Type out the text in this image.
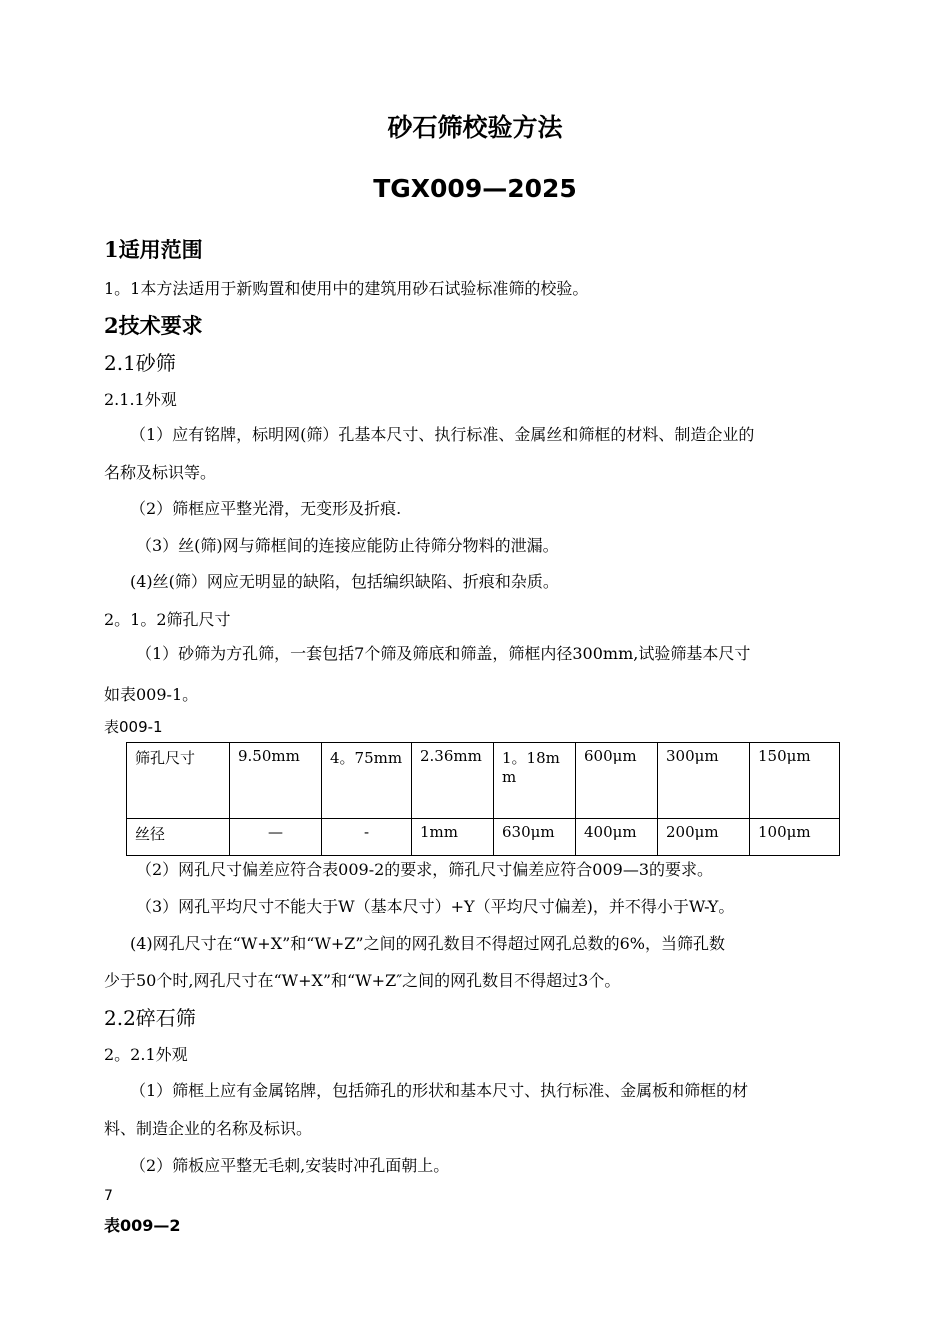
砂石筛校验方法
TGX009—2025
1适用范围
1。1本方法适用于新购置和使用中的建筑用砂石试验标准筛的校验。
2技术要求
2.1砂筛
2.1.1外观
（1）应有铭牌，标明网(筛）孔基本尺寸、执行标准、金属丝和筛框的材料、制造企业的
名称及标识等。
（2）筛框应平整光滑，无变形及折痕.
（3）丝(筛)网与筛框间的连接应能防止待筛分物料的泄漏。
(4)丝(筛）网应无明显的缺陷，包括编织缺陷、折痕和杂质。
2。1。2筛孔尺寸
（1）砂筛为方孔筛，一套包括7个筛及筛底和筛盖，筛框内径300mm,试验筛基本尺寸
如表009-1。
表009-1
筛孔尺寸	9.50mm	4。75mm	2.36mm	1。18mm	600μm	300μm	150μm
丝径	—	-	1mm	630μm	400μm	200μm	100μm
（2）网孔尺寸偏差应符合表009-2的要求，筛孔尺寸偏差应符合009—3的要求。
（3）网孔平均尺寸不能大于W（基本尺寸）+Y（平均尺寸偏差)，并不得小于W-Y。
(4)网孔尺寸在“W+X”和“W+Z”之间的网孔数目不得超过网孔总数的6%，当筛孔数
少于50个时,网孔尺寸在“W+X”和“W+Z″之间的网孔数目不得超过3个。
2.2碎石筛
2。2.1外观
（1）筛框上应有金属铭牌，包括筛孔的形状和基本尺寸、执行标准、金属板和筛框的材
料、制造企业的名称及标识。
（2）筛板应平整无毛刺,安装时冲孔面朝上。
7
表009—2
